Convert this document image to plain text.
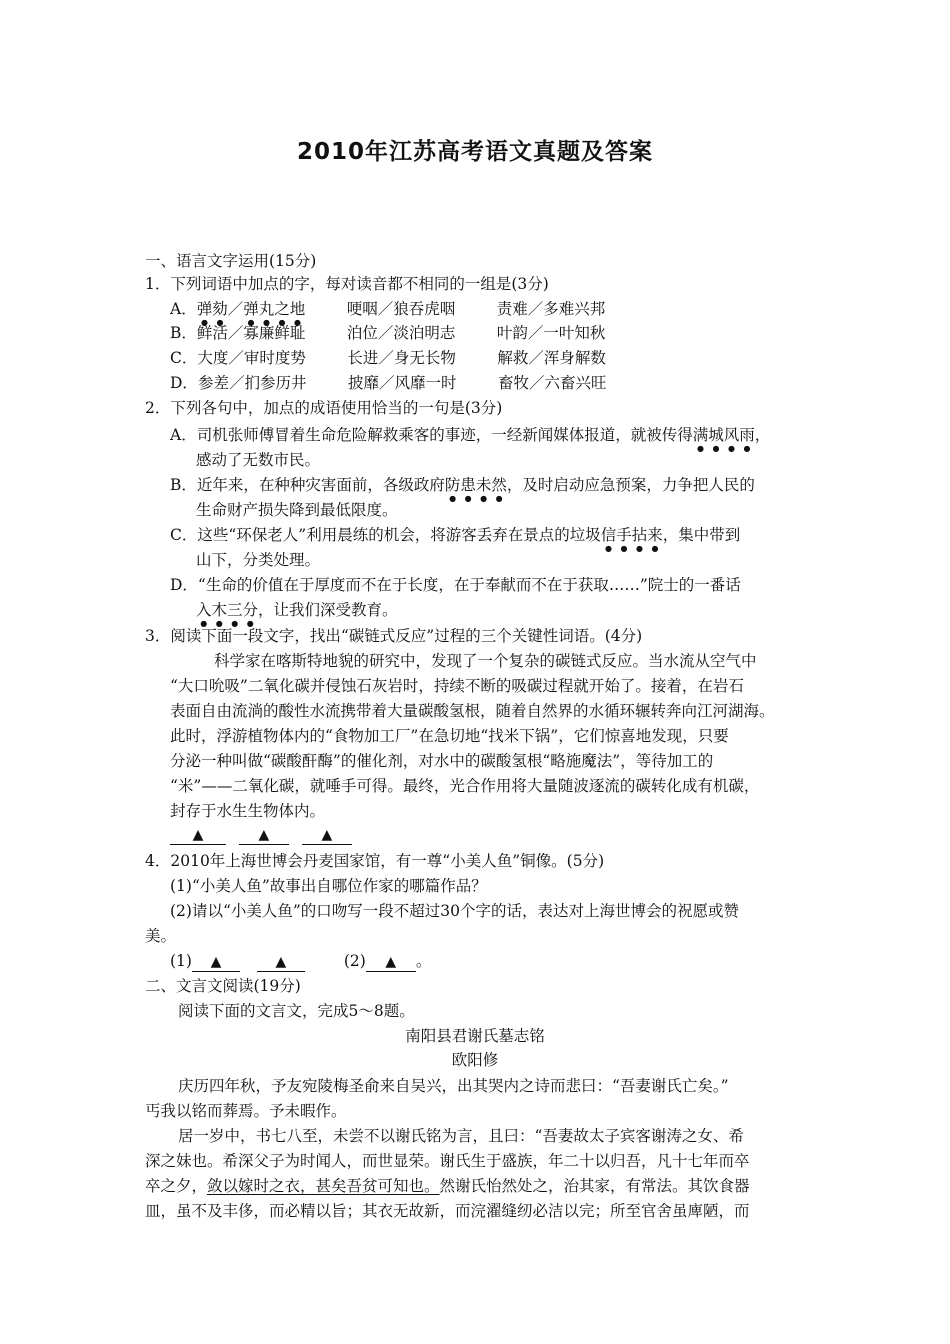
2010年江苏高考语文真题及答案
一、语言文字运用(15分)
1．下列词语中加点的字，每对读音都不相同的一组是(3分)
A．弹劾／弹丸之地	哽咽／狼吞虎咽	责难／多难兴邦
B．鲜活／寡廉鲜耻	泊位／淡泊明志	叶韵／一叶知秋
C．大度／审时度势	长进／身无长物	解救／浑身解数
D．参差／扪参历井	披靡／风靡一时	畜牧／六畜兴旺
2．下列各句中，加点的成语使用恰当的一句是(3分)
A．司机张师傅冒着生命危险解救乘客的事迹，一经新闻媒体报道，就被传得满城风雨，
感动了无数市民。
B．近年来，在种种灾害面前，各级政府防患未然，及时启动应急预案，力争把人民的
生命财产损失降到最低限度。
C．这些“环保老人”利用晨练的机会，将游客丢弃在景点的垃圾信手拈来，集中带到
山下，分类处理。
D．“生命的价值在于厚度而不在于长度，在于奉献而不在于获取……”院士的一番话
入木三分，让我们深受教育。
3．阅读下面一段文字，找出“碳链式反应”过程的三个关键性词语。(4分)
科学家在喀斯特地貌的研究中，发现了一个复杂的碳链式反应。当水流从空气中
“大口吮吸”二氧化碳并侵蚀石灰岩时，持续不断的吸碳过程就开始了。接着，在岩石
表面自由流淌的酸性水流携带着大量碳酸氢根，随着自然界的水循环辗转奔向江河湖海。
此时，浮游植物体内的“食物加工厂”在急切地“找米下锅”，它们惊喜地发现，只要
分泌一种叫做“碳酸酐酶”的催化剂，对水中的碳酸氢根“略施魔法”，等待加工的
“米”——二氧化碳，就唾手可得。最终，光合作用将大量随波逐流的碳转化成有机碳，
封存于水生生物体内。
▲	▲	▲
4．2010年上海世博会丹麦国家馆，有一尊“小美人鱼”铜像。(5分)
(1)“小美人鱼”故事出自哪位作家的哪篇作品？
(2)请以“小美人鱼”的口吻写一段不超过30个字的话，表达对上海世博会的祝愿或赞
美。
(1) ▲	▲	(2) ▲ 。
二、文言文阅读(19分)
阅读下面的文言文，完成5～8题。
南阳县君谢氏墓志铭
欧阳修
庆历四年秋，予友宛陵梅圣俞来自吴兴，出其哭内之诗而悲曰：“吾妻谢氏亡矣。”
丐我以铭而葬焉。予未暇作。
居一岁中，书七八至，未尝不以谢氏铭为言，且曰：“吾妻故太子宾客谢涛之女、希
深之妹也。希深父子为时闻人，而世显荣。谢氏生于盛族，年二十以归吾，凡十七年而卒
卒之夕，敛以嫁时之衣，甚矣吾贫可知也。然谢氏怡然处之，治其家，有常法。其饮食器
皿，虽不及丰侈，而必精以旨；其衣无故新，而浣濯缝纫必洁以完；所至官舍虽庳陋，而
